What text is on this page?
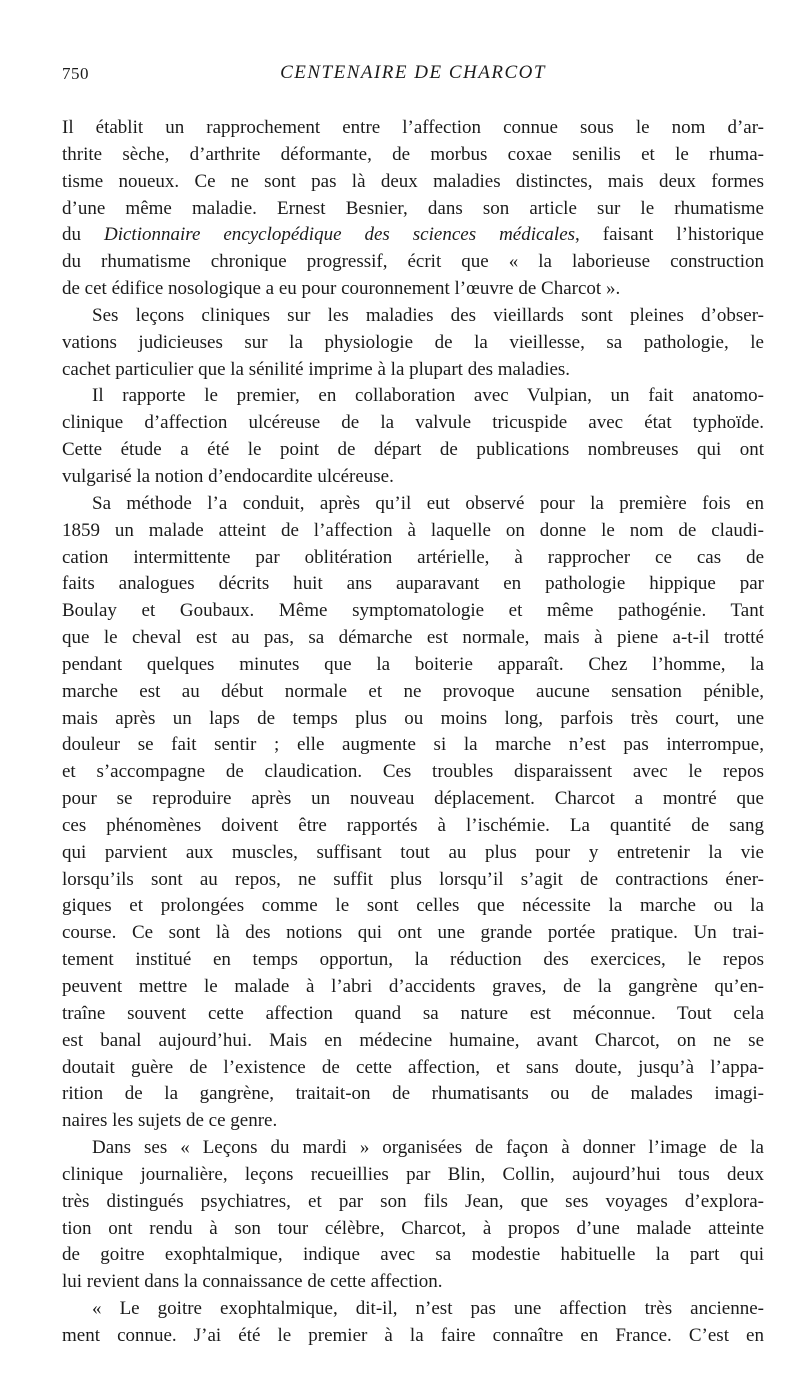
750	CENTENAIRE DE CHARCOT
Il établit un rapprochement entre l’affection connue sous le nom d’ar-
thrite sèche, d’arthrite déformante, de morbus coxae senilis et le rhuma-
tisme noueux. Ce ne sont pas là deux maladies distinctes, mais deux formes
d’une même maladie. Ernest Besnier, dans son article sur le rhumatisme
du Dictionnaire encyclopédique des sciences médicales, faisant l’historique
du rhumatisme chronique progressif, écrit que « la laborieuse construction
de cet édifice nosologique a eu pour couronnement l’œuvre de Charcot ».
Ses leçons cliniques sur les maladies des vieillards sont pleines d’obser-
vations judicieuses sur la physiologie de la vieillesse, sa pathologie, le
cachet particulier que la sénilité imprime à la plupart des maladies.
Il rapporte le premier, en collaboration avec Vulpian, un fait anatomo-
clinique d’affection ulcéreuse de la valvule tricuspide avec état typhoïde.
Cette étude a été le point de départ de publications nombreuses qui ont
vulgarisé la notion d’endocardite ulcéreuse.
Sa méthode l’a conduit, après qu’il eut observé pour la première fois en
1859 un malade atteint de l’affection à laquelle on donne le nom de claudi-
cation intermittente par oblitération artérielle, à rapprocher ce cas de
faits analogues décrits huit ans auparavant en pathologie hippique par
Boulay et Goubaux. Même symptomatologie et même pathogénie. Tant
que le cheval est au pas, sa démarche est normale, mais à piene a-t-il trotté
pendant quelques minutes que la boiterie apparaît. Chez l’homme, la
marche est au début normale et ne provoque aucune sensation pénible,
mais après un laps de temps plus ou moins long, parfois très court, une
douleur se fait sentir ; elle augmente si la marche n’est pas interrompue,
et s’accompagne de claudication. Ces troubles disparaissent avec le repos
pour se reproduire après un nouveau déplacement. Charcot a montré que
ces phénomènes doivent être rapportés à l’ischémie. La quantité de sang
qui parvient aux muscles, suffisant tout au plus pour y entretenir la vie
lorsqu’ils sont au repos, ne suffit plus lorsqu’il s’agit de contractions éner-
giques et prolongées comme le sont celles que nécessite la marche ou la
course. Ce sont là des notions qui ont une grande portée pratique. Un trai-
tement institué en temps opportun, la réduction des exercices, le repos
peuvent mettre le malade à l’abri d’accidents graves, de la gangrène qu’en-
traîne souvent cette affection quand sa nature est méconnue. Tout cela
est banal aujourd’hui. Mais en médecine humaine, avant Charcot, on ne se
doutait guère de l’existence de cette affection, et sans doute, jusqu’à l’appa-
rition de la gangrène, traitait-on de rhumatisants ou de malades imagi-
naires les sujets de ce genre.
Dans ses « Leçons du mardi » organisées de façon à donner l’image de la
clinique journalière, leçons recueillies par Blin, Collin, aujourd’hui tous deux
très distingués psychiatres, et par son fils Jean, que ses voyages d’explora-
tion ont rendu à son tour célèbre, Charcot, à propos d’une malade atteinte
de goitre exophtalmique, indique avec sa modestie habituelle la part qui
lui revient dans la connaissance de cette affection.
« Le goitre exophtalmique, dit-il, n’est pas une affection très ancienne-
ment connue. J’ai été le premier à la faire connaître en France. C’est en
